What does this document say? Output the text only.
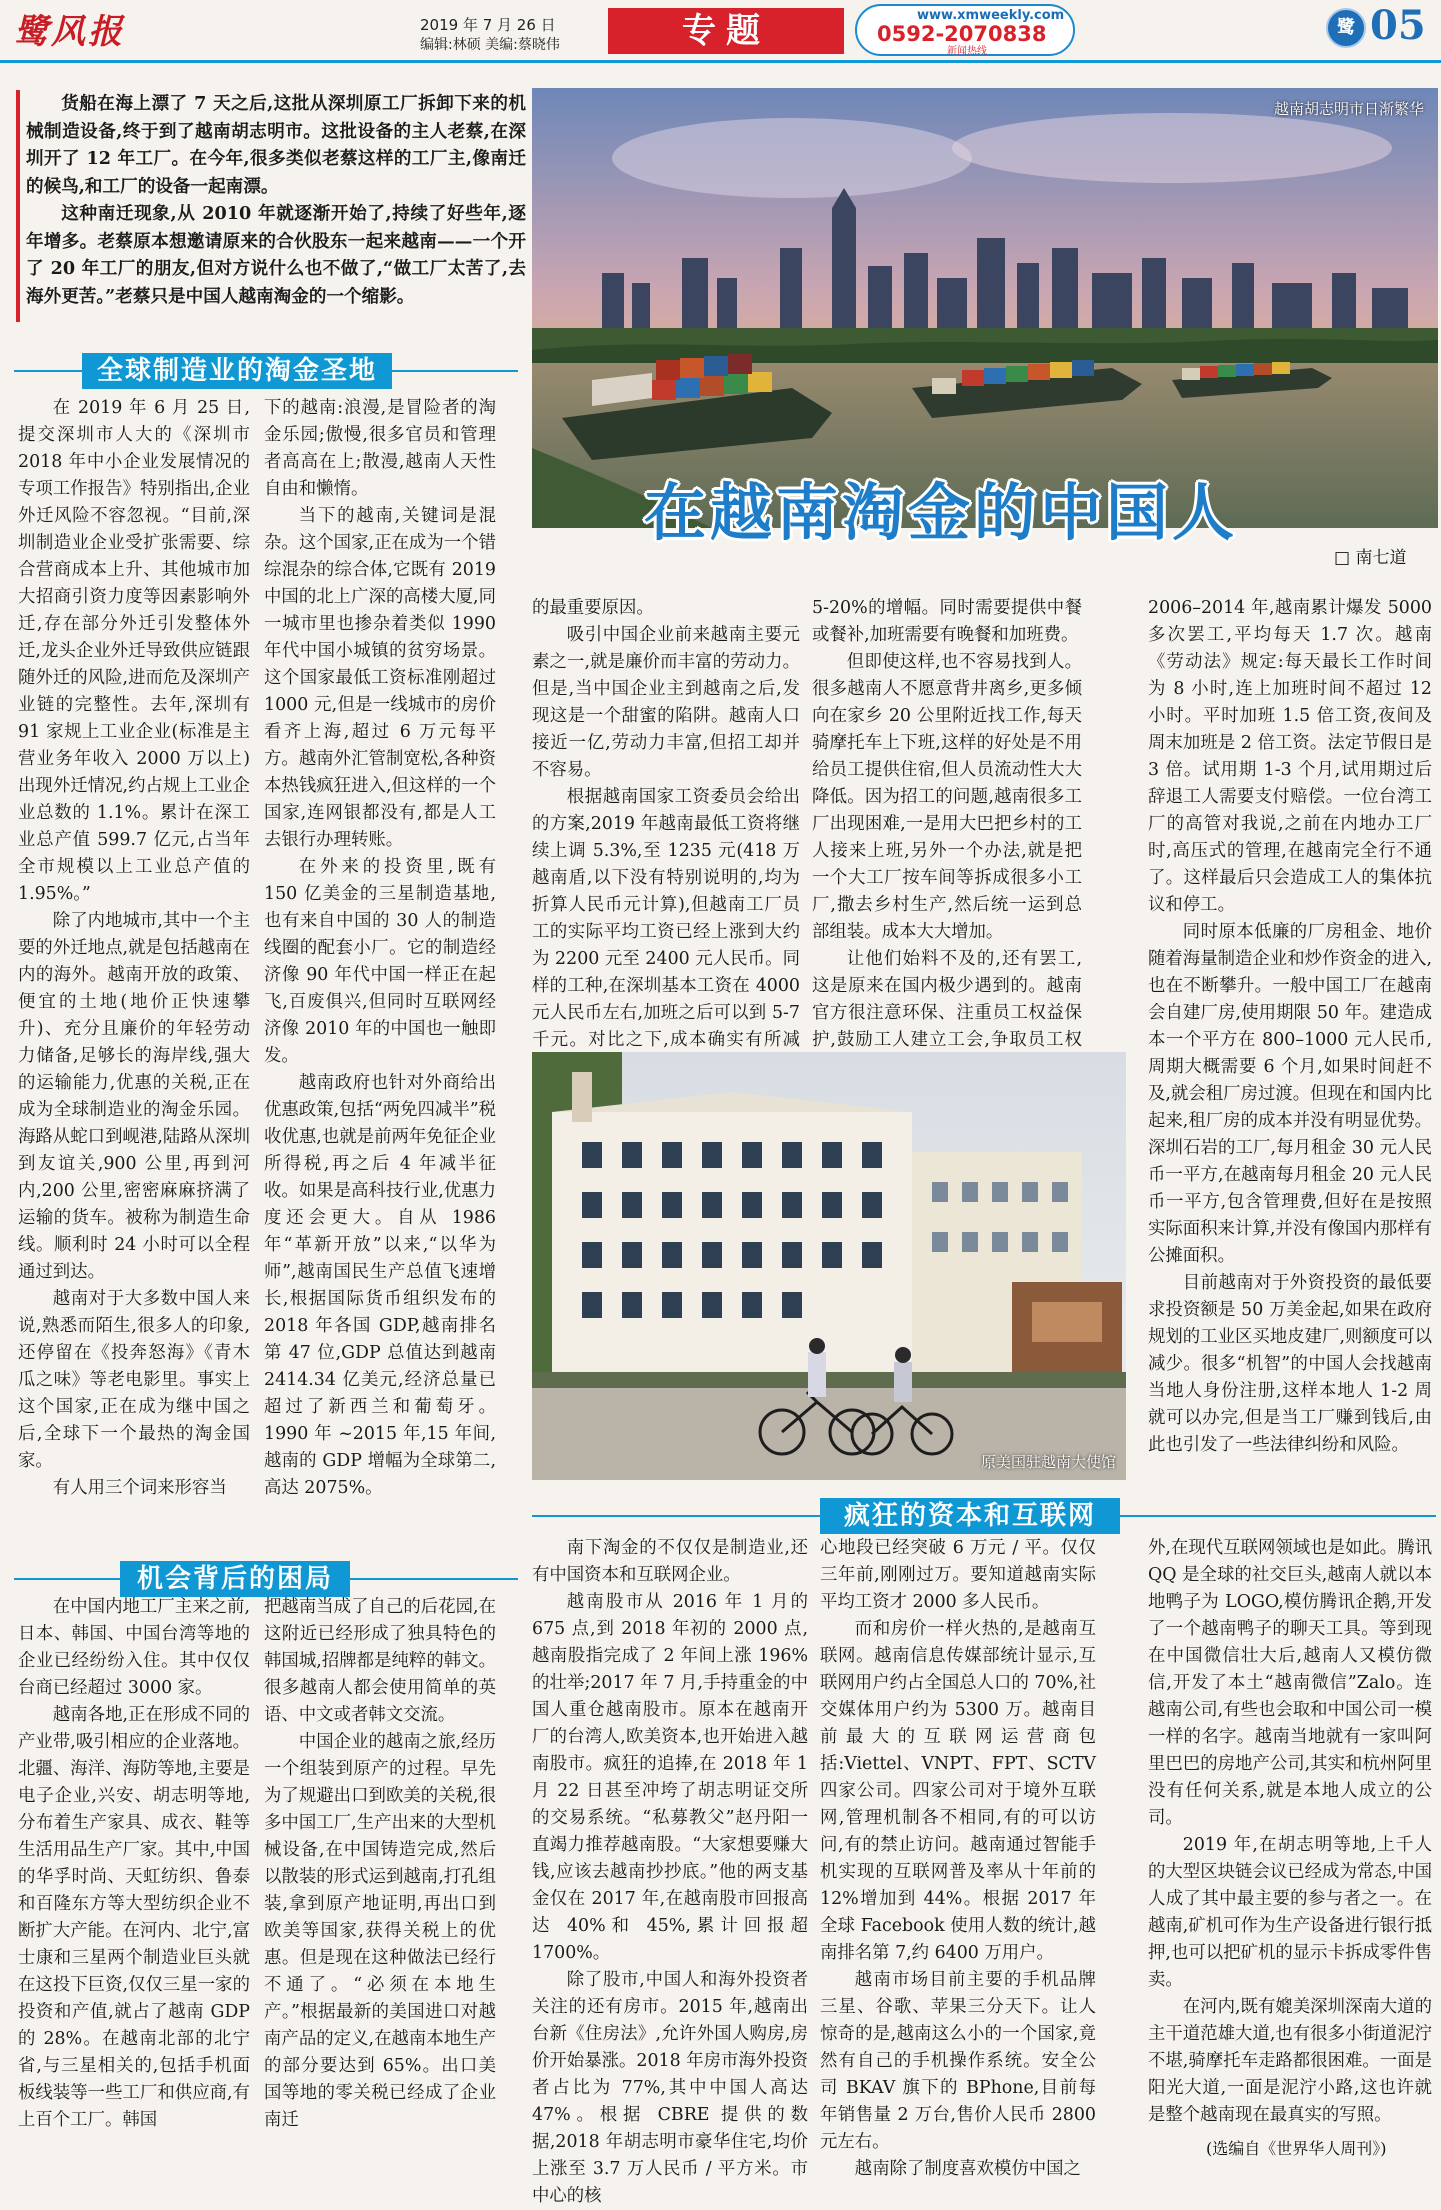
鹭风报	2019 年 7 月 26 日
编辑:林硕 美编:蔡晓伟	专题	www.xmweekly.com
0592-2070838
新闻热线
鹭 05

货船在海上漂了 7 天之后,这批从深圳原工厂拆卸下来的机械制造设备,终于到了越南胡志明市。这批设备的主人老蔡,在深圳开了 12 年工厂。在今年,很多类似老蔡这样的工厂主,像南迁的候鸟,和工厂的设备一起南漂。

这种南迁现象,从 2010 年就逐渐开始了,持续了好些年,逐年增多。老蔡原本想邀请原来的合伙股东一起来越南——一个开了 20 年工厂的朋友,但对方说什么也不做了,“做工厂太苦了,去海外更苦。”老蔡只是中国人越南淘金的一个缩影。

越南胡志明市日渐繁华
在越南淘金的中国人
□ 南七道
全球制造业的淘金圣地

在 2019 年 6 月 25 日,提交深圳市人大的《深圳市 2018 年中小企业发展情况的专项工作报告》特别指出,企业外迁风险不容忽视。“目前,深圳制造业企业受扩张需要、综合营商成本上升、其他城市加大招商引资力度等因素影响外迁,存在部分外迁引发整体外迁,龙头企业外迁导致供应链跟随外迁的风险,进而危及深圳产业链的完整性。去年,深圳有 91 家规上工业企业(标准是主营业务年收入 2000 万以上)出现外迁情况,约占规上工业企业总数的 1.1%。累计在深工业总产值 599.7 亿元,占当年全市规模以上工业总产值的 1.95%。”

除了内地城市,其中一个主要的外迁地点,就是包括越南在内的海外。越南开放的政策、便宜的土地(地价正快速攀升)、充分且廉价的年轻劳动力储备,足够长的海岸线,强大的运输能力,优惠的关税,正在成为全球制造业的淘金乐园。海路从蛇口到岘港,陆路从深圳到友谊关,900 公里,再到河内,200 公里,密密麻麻挤满了运输的货车。被称为制造生命线。顺利时 24 小时可以全程通过到达。

越南对于大多数中国人来说,熟悉而陌生,很多人的印象,还停留在《投奔怒海》《青木瓜之味》等老电影里。事实上这个国家,正在成为继中国之后,全球下一个最热的淘金国家。

有人用三个词来形容当

下的越南:浪漫,是冒险者的淘金乐园;傲慢,很多官员和管理者高高在上;散漫,越南人天性自由和懒惰。

当下的越南,关键词是混杂。这个国家,正在成为一个错综混杂的综合体,它既有 2019 中国的北上广深的高楼大厦,同一城市里也掺杂着类似 1990 年代中国小城镇的贫穷场景。这个国家最低工资标准刚超过 1000 元,但是一线城市的房价看齐上海,超过 6 万元每平方。越南外汇管制宽松,各种资本热钱疯狂进入,但这样的一个国家,连网银都没有,都是人工去银行办理转账。

在外来的投资里,既有 150 亿美金的三星制造基地,也有来自中国的 30 人的制造线圈的配套小厂。它的制造经济像 90 年代中国一样正在起飞,百废俱兴,但同时互联网经济像 2010 年的中国也一触即发。

越南政府也针对外商给出优惠政策,包括“两免四减半”税收优惠,也就是前两年免征企业所得税,再之后 4 年减半征收。如果是高科技行业,优惠力度还会更大。自从 1986 年“革新开放”以来,“以华为师”,越南国民生产总值飞速增长,根据国际货币组织发布的 2018 年各国 GDP,越南排名第 47 位,GDP 总值达到越南 2414.34 亿美元,经济总量已超过了新西兰和葡萄牙。1990 年 ~2015 年,15 年间,越南的 GDP 增幅为全球第二,高达 2075%。

的最重要原因。

吸引中国企业前来越南主要元素之一,就是廉价而丰富的劳动力。但是,当中国企业主到越南之后,发现这是一个甜蜜的陷阱。越南人口接近一亿,劳动力丰富,但招工却并不容易。

根据越南国家工资委员会给出的方案,2019 年越南最低工资将继续上调 5.3%,至 1235 元(418 万越南盾,以下没有特别说明的,均为折算人民币元计算),但越南工厂员工的实际平均工资已经上涨到大约为 2200 元至 2400 元人民币。同样的工种,在深圳基本工资在 4000 元人民币左右,加班之后可以到 5-7 千元。对比之下,成本确实有所减

5-20%的增幅。同时需要提供中餐或餐补,加班需要有晚餐和加班费。

但即使这样,也不容易找到人。很多越南人不愿意背井离乡,更多倾向在家乡 20 公里附近找工作,每天骑摩托车上下班,这样的好处是不用给员工提供住宿,但人员流动性大大降低。因为招工的问题,越南很多工厂出现困难,一是用大巴把乡村的工人接来上班,另外一个办法,就是把一个大工厂按车间等拆成很多小工厂,撒去乡村生产,然后统一运到总部组装。成本大大增加。

让他们始料不及的,还有罢工,这是原来在国内极少遇到的。越南官方很注意环保、注重员工权益保护,鼓励工人建立工会,争取员工权

2006–2014 年,越南累计爆发 5000 多次罢工,平均每天 1.7 次。越南《劳动法》规定:每天最长工作时间为 8 小时,连上加班时间不超过 12 小时。平时加班 1.5 倍工资,夜间及周末加班是 2 倍工资。法定节假日是 3 倍。试用期 1-3 个月,试用期过后辞退工人需要支付赔偿。一位台湾工厂的高管对我说,之前在内地办工厂时,高压式的管理,在越南完全行不通了。这样最后只会造成工人的集体抗议和停工。

同时原本低廉的厂房租金、地价随着海量制造企业和炒作资金的进入,也在不断攀升。一般中国工厂在越南会自建厂房,使用期限 50 年。建造成本一个平方在 800–1000 元人民币,周期大概需要 6 个月,如果时间赶不及,就会租厂房过渡。但现在和国内比起来,租厂房的成本并没有明显优势。深圳石岩的工厂,每月租金 30 元人民币一平方,在越南每月租金 20 元人民币一平方,包含管理费,但好在是按照实际面积来计算,并没有像国内那样有公摊面积。

目前越南对于外资投资的最低要求投资额是 50 万美金起,如果在政府规划的工业区买地皮建厂,则额度可以减少。很多“机智”的中国人会找越南当地人身份注册,这样本地人 1-2 周就可以办完,但是当工厂赚到钱后,由此也引发了一些法律纠纷和风险。

原美国驻越南大使馆
机会背后的困局

在中国内地工厂主来之前,日本、韩国、中国台湾等地的企业已经纷纷入住。其中仅仅台商已经超过 3000 家。

越南各地,正在形成不同的产业带,吸引相应的企业落地。北疆、海洋、海防等地,主要是电子企业,兴安、胡志明等地,分布着生产家具、成衣、鞋等生活用品生产厂家。其中,中国的华孚时尚、天虹纺织、鲁泰和百隆东方等大型纺织企业不断扩大产能。在河内、北宁,富士康和三星两个制造业巨头就在这投下巨资,仅仅三星一家的投资和产值,就占了越南 GDP 的 28%。在越南北部的北宁省,与三星相关的,包括手机面板线装等一些工厂和供应商,有上百个工厂。韩国

把越南当成了自己的后花园,在这附近已经形成了独具特色的韩国城,招牌都是纯粹的韩文。很多越南人都会使用简单的英语、中文或者韩文交流。

中国企业的越南之旅,经历一个组装到原产的过程。早先为了规避出口到欧美的关税,很多中国工厂,生产出来的大型机械设备,在中国铸造完成,然后以散装的形式运到越南,打孔组装,拿到原产地证明,再出口到欧美等国家,获得关税上的优惠。但是现在这种做法已经行不通了。“必须在本地生产。”根据最新的美国进口对越南产品的定义,在越南本地生产的部分要达到 65%。出口美国等地的零关税已经成了企业南迁

疯狂的资本和互联网

南下淘金的不仅仅是制造业,还有中国资本和互联网企业。

越南股市从 2016 年 1 月的 675 点,到 2018 年初的 2000 点,越南股指完成了 2 年间上涨 196%的壮举;2017 年 7 月,手持重金的中国人重仓越南股市。原本在越南开厂的台湾人,欧美资本,也开始进入越南股市。疯狂的追捧,在 2018 年 1 月 22 日甚至冲垮了胡志明证交所的交易系统。“私募教父”赵丹阳一直竭力推荐越南股。“大家想要赚大钱,应该去越南抄抄底。”他的两支基金仅在 2017 年,在越南股市回报高达 40%和 45%,累计回报超 1700%。

除了股市,中国人和海外投资者关注的还有房市。2015 年,越南出台新《住房法》,允许外国人购房,房价开始暴涨。2018 年房市海外投资者占比为 77%,其中中国人高达 47%。根据 CBRE 提供的数据,2018 年胡志明市豪华住宅,均价上涨至 3.7 万人民币 / 平方米。市中心的核

心地段已经突破 6 万元 / 平。仅仅三年前,刚刚过万。要知道越南实际平均工资才 2000 多人民币。

而和房价一样火热的,是越南互联网。越南信息传媒部统计显示,互联网用户约占全国总人口的 70%,社交媒体用户约为 5300 万。越南目前最大的互联网运营商包括:Viettel、VNPT、FPT、SCTV 四家公司。四家公司对于境外互联网,管理机制各不相同,有的可以访问,有的禁止访问。越南通过智能手机实现的互联网普及率从十年前的 12%增加到 44%。根据 2017 年全球 Facebook 使用人数的统计,越南排名第 7,约 6400 万用户。

越南市场目前主要的手机品牌三星、谷歌、苹果三分天下。让人惊奇的是,越南这么小的一个国家,竟然有自己的手机操作系统。安全公司 BKAV 旗下的 BPhone,目前每年销售量 2 万台,售价人民币 2800 元左右。

越南除了制度喜欢模仿中国之

外,在现代互联网领域也是如此。腾讯 QQ 是全球的社交巨头,越南人就以本地鸭子为 LOGO,模仿腾讯企鹅,开发了一个越南鸭子的聊天工具。等到现在中国微信壮大后,越南人又模仿微信,开发了本土“越南微信”Zalo。连越南公司,有些也会取和中国公司一模一样的名字。越南当地就有一家叫阿里巴巴的房地产公司,其实和杭州阿里没有任何关系,就是本地人成立的公司。

2019 年,在胡志明等地,上千人的大型区块链会议已经成为常态,中国人成了其中最主要的参与者之一。在越南,矿机可作为生产设备进行银行抵押,也可以把矿机的显示卡拆成零件售卖。

在河内,既有媲美深圳深南大道的主干道范雄大道,也有很多小街道泥泞不堪,骑摩托车走路都很困难。一面是阳光大道,一面是泥泞小路,这也许就是整个越南现在最真实的写照。

(选编自《世界华人周刊》)
